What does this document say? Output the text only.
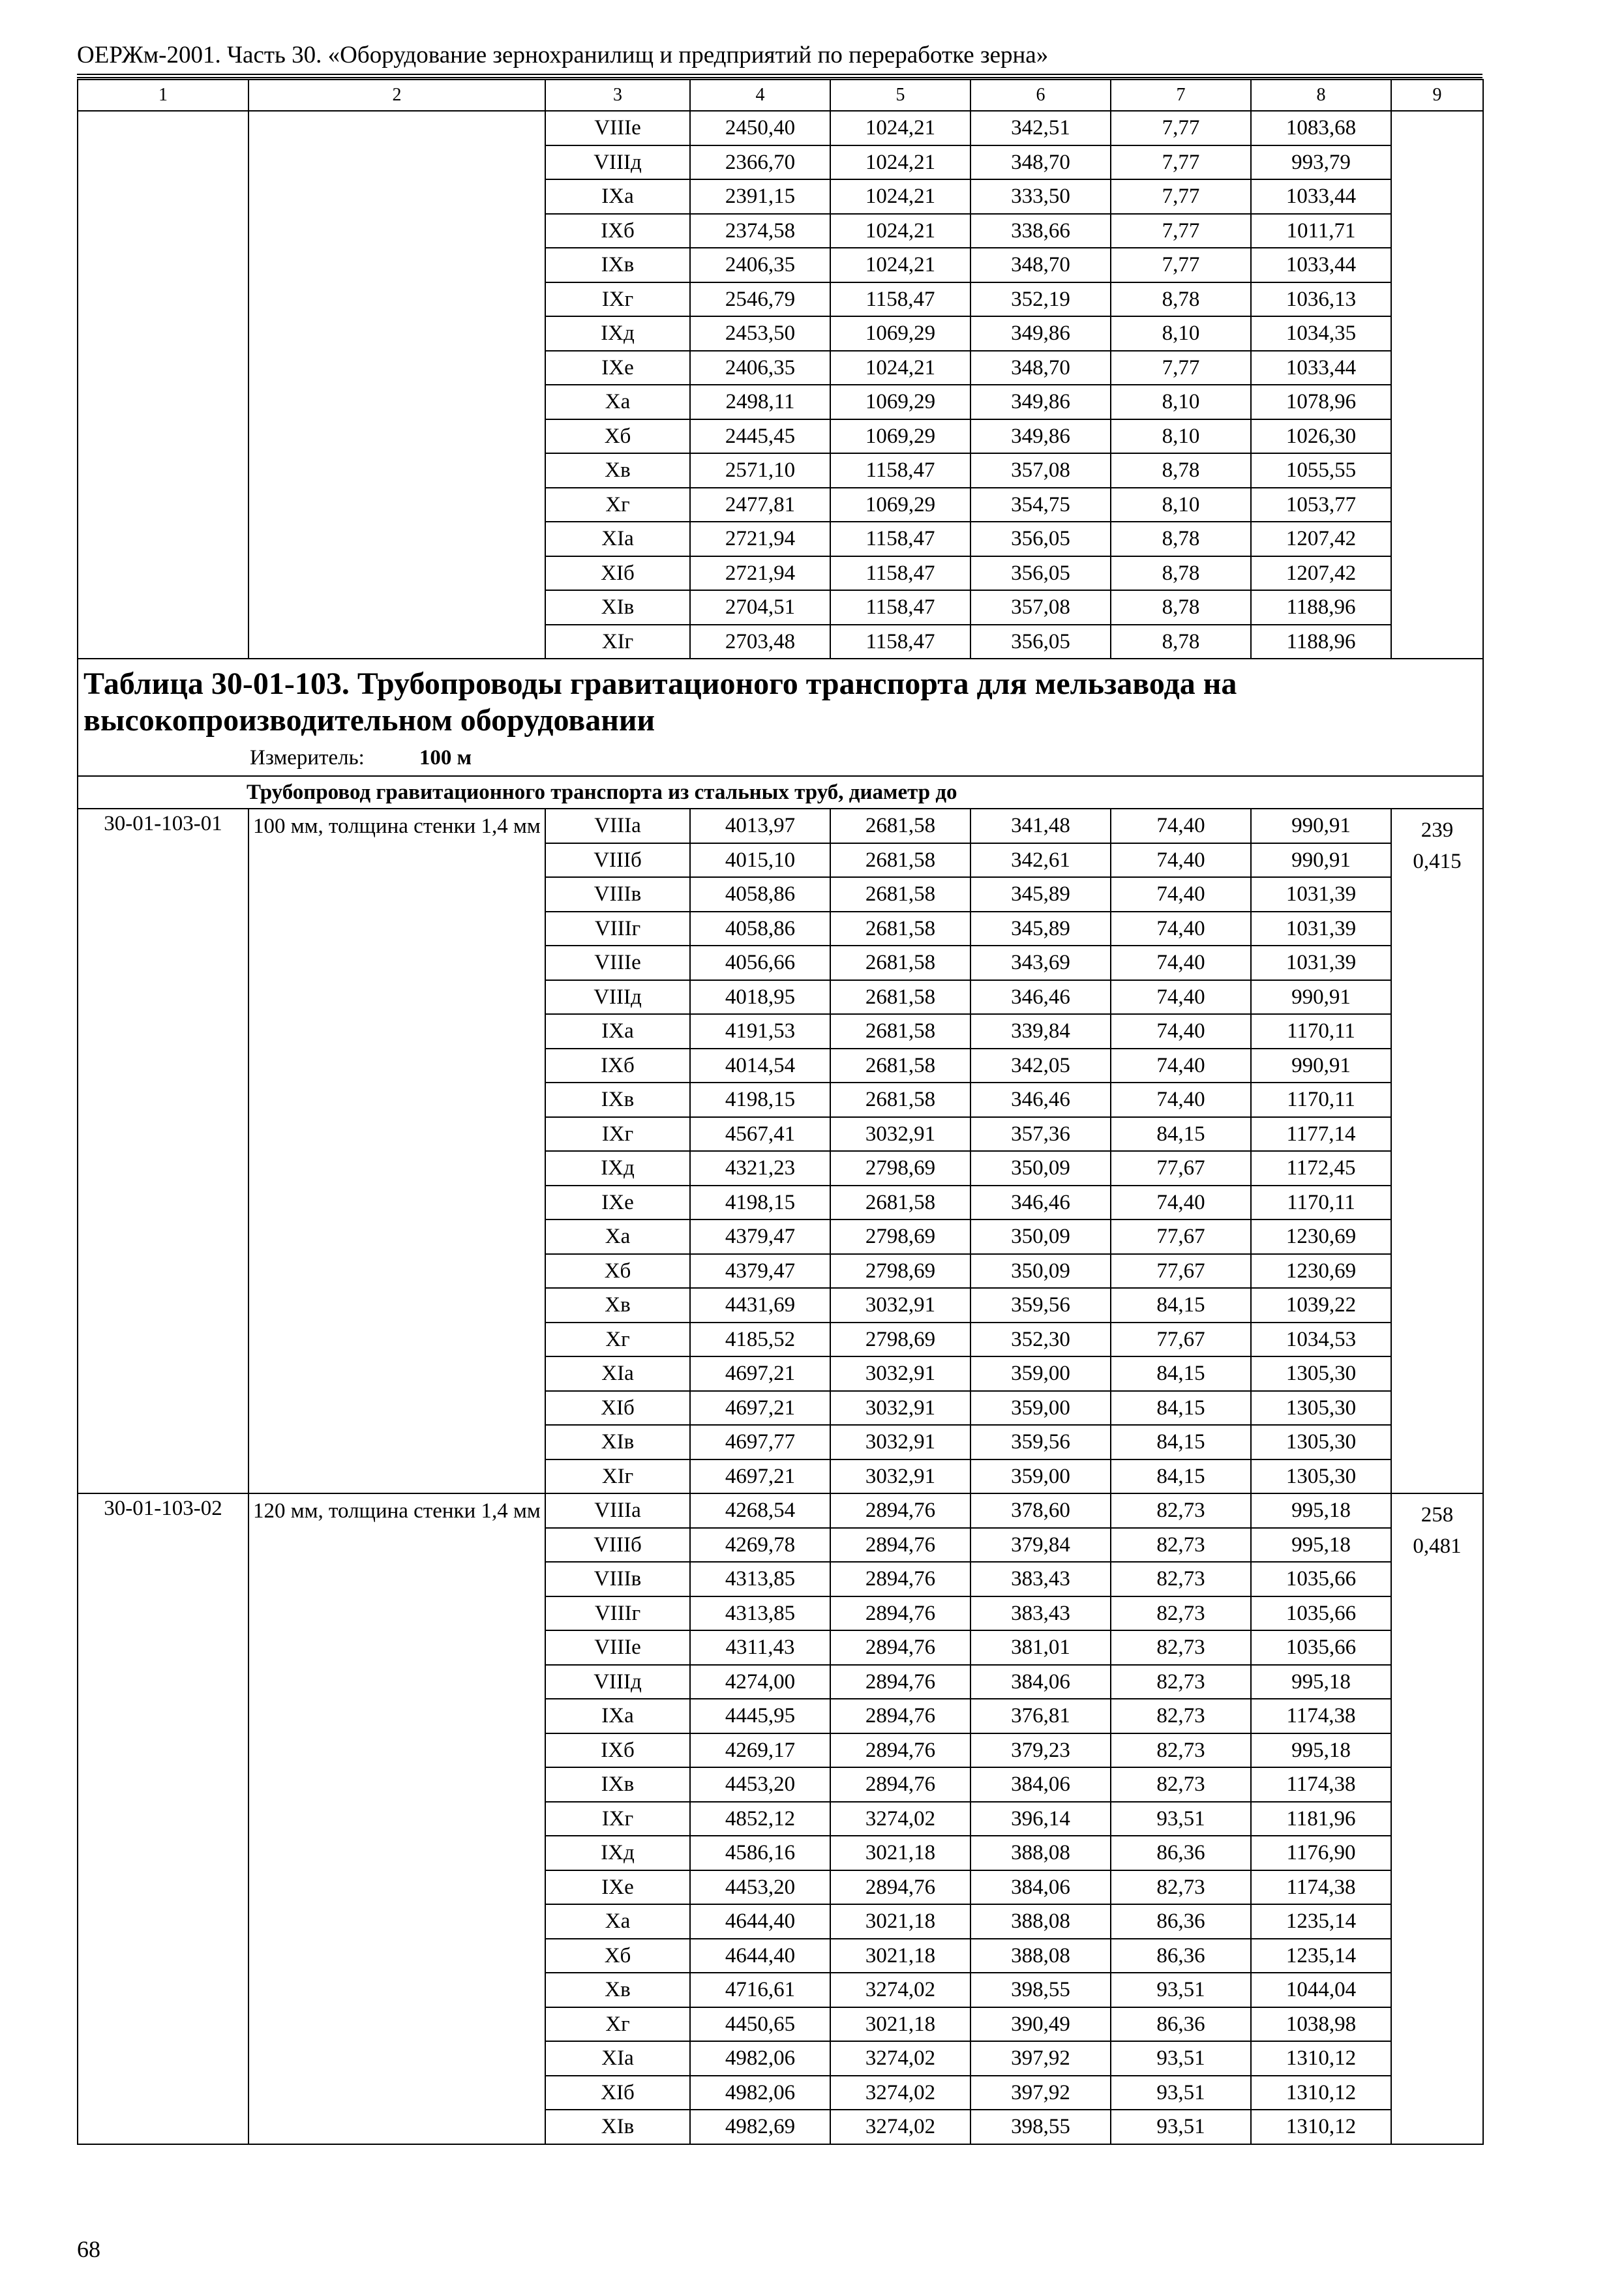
ОЕРЖм-2001. Часть 30. «Оборудование зернохранилищ и предприятий по переработке зерна»
1	2	3	4	5	6	7	8	9
		VIIIе	2450,40	1024,21	342,51	7,77	1083,68	
		VIIIд	2366,70	1024,21	348,70	7,77	993,79	
		IXа	2391,15	1024,21	333,50	7,77	1033,44	
		IXб	2374,58	1024,21	338,66	7,77	1011,71	
		IXв	2406,35	1024,21	348,70	7,77	1033,44	
		IXг	2546,79	1158,47	352,19	8,78	1036,13	
		IXд	2453,50	1069,29	349,86	8,10	1034,35	
		IXе	2406,35	1024,21	348,70	7,77	1033,44	
		Xа	2498,11	1069,29	349,86	8,10	1078,96	
		Xб	2445,45	1069,29	349,86	8,10	1026,30	
		Xв	2571,10	1158,47	357,08	8,78	1055,55	
		Xг	2477,81	1069,29	354,75	8,10	1053,77	
		XIа	2721,94	1158,47	356,05	8,78	1207,42	
		XIб	2721,94	1158,47	356,05	8,78	1207,42	
		XIв	2704,51	1158,47	357,08	8,78	1188,96	
		XIг	2703,48	1158,47	356,05	8,78	1188,96	

Таблица 30-01-103. Трубопроводы гравитационого транспорта для мельзавода на высокопроизводительном оборудовании
Измеритель: 100 м								

Трубопровод гравитационного транспорта из стальных труб, диаметр до								
30-01-103-01	100 мм, толщина стенки 1,4 мм	VIIIа	4013,97	2681,58	341,48	74,40	990,91	239
0,415

		VIIIб	4015,10	2681,58	342,61	74,40	990,91	
		VIIIв	4058,86	2681,58	345,89	74,40	1031,39	
		VIIIг	4058,86	2681,58	345,89	74,40	1031,39	
		VIIIе	4056,66	2681,58	343,69	74,40	1031,39	
		VIIIд	4018,95	2681,58	346,46	74,40	990,91	
		IXа	4191,53	2681,58	339,84	74,40	1170,11	
		IXб	4014,54	2681,58	342,05	74,40	990,91	
		IXв	4198,15	2681,58	346,46	74,40	1170,11	
		IXг	4567,41	3032,91	357,36	84,15	1177,14	
		IXд	4321,23	2798,69	350,09	77,67	1172,45	
		IXе	4198,15	2681,58	346,46	74,40	1170,11	
		Xа	4379,47	2798,69	350,09	77,67	1230,69	
		Xб	4379,47	2798,69	350,09	77,67	1230,69	
		Xв	4431,69	3032,91	359,56	84,15	1039,22	
		Xг	4185,52	2798,69	352,30	77,67	1034,53	
		XIа	4697,21	3032,91	359,00	84,15	1305,30	
		XIб	4697,21	3032,91	359,00	84,15	1305,30	
		XIв	4697,77	3032,91	359,56	84,15	1305,30	
		XIг	4697,21	3032,91	359,00	84,15	1305,30	
30-01-103-02	120 мм, толщина стенки 1,4 мм	VIIIа	4268,54	2894,76	378,60	82,73	995,18	258
0,481

		VIIIб	4269,78	2894,76	379,84	82,73	995,18	
		VIIIв	4313,85	2894,76	383,43	82,73	1035,66	
		VIIIг	4313,85	2894,76	383,43	82,73	1035,66	
		VIIIе	4311,43	2894,76	381,01	82,73	1035,66	
		VIIIд	4274,00	2894,76	384,06	82,73	995,18	
		IXа	4445,95	2894,76	376,81	82,73	1174,38	
		IXб	4269,17	2894,76	379,23	82,73	995,18	
		IXв	4453,20	2894,76	384,06	82,73	1174,38	
		IXг	4852,12	3274,02	396,14	93,51	1181,96	
		IXд	4586,16	3021,18	388,08	86,36	1176,90	
		IXе	4453,20	2894,76	384,06	82,73	1174,38	
		Xа	4644,40	3021,18	388,08	86,36	1235,14	
		Xб	4644,40	3021,18	388,08	86,36	1235,14	
		Xв	4716,61	3274,02	398,55	93,51	1044,04	
		Xг	4450,65	3021,18	390,49	86,36	1038,98	
		XIа	4982,06	3274,02	397,92	93,51	1310,12	
		XIб	4982,06	3274,02	397,92	93,51	1310,12	
		XIв	4982,69	3274,02	398,55	93,51	1310,12	
68
